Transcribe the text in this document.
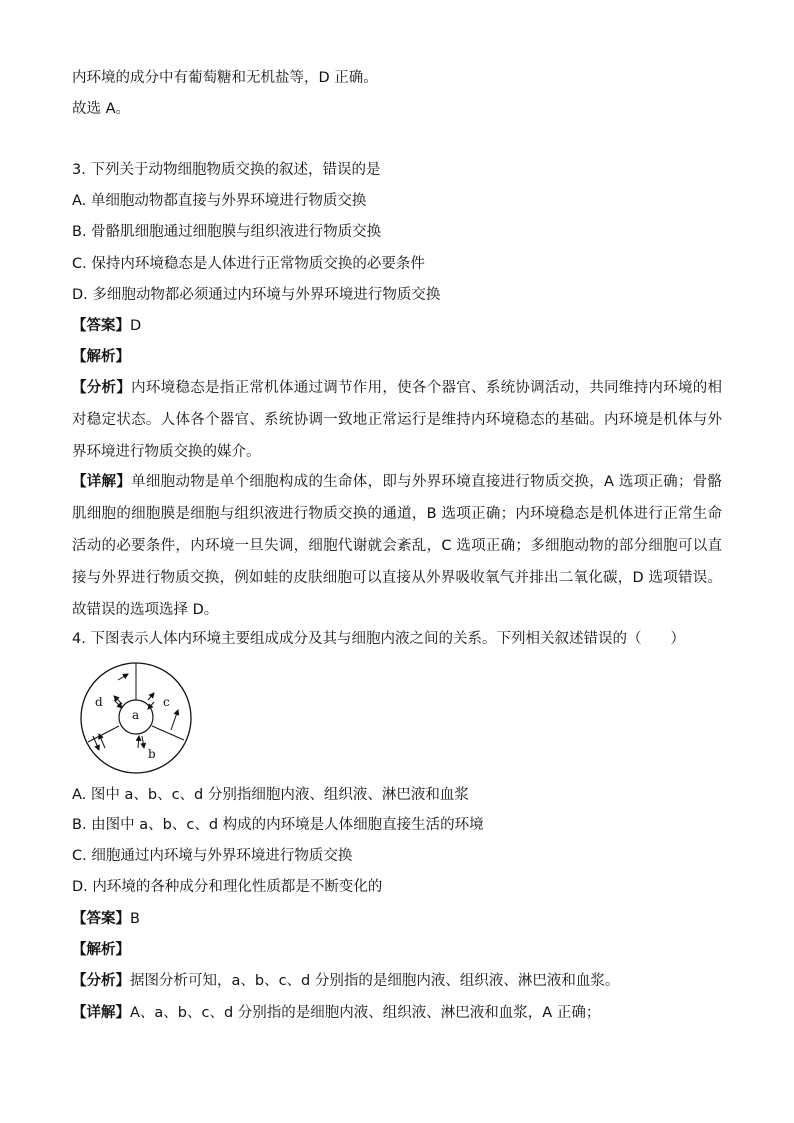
内环境的成分中有葡萄糖和无机盐等，D 正确。
故选 A。
3. 下列关于动物细胞物质交换的叙述，错误的是
A. 单细胞动物都直接与外界环境进行物质交换
B. 骨骼肌细胞通过细胞膜与组织液进行物质交换
C. 保持内环境稳态是人体进行正常物质交换的必要条件
D. 多细胞动物都必须通过内环境与外界环境进行物质交换
【答案】D
【解析】
【分析】内环境稳态是指正常机体通过调节作用，使各个器官、系统协调活动，共同维持内环境的相对稳定状态。人体各个器官、系统协调一致地正常运行是维持内环境稳态的基础。内环境是机体与外界环境进行物质交换的媒介。
【详解】单细胞动物是单个细胞构成的生命体，即与外界环境直接进行物质交换，A 选项正确；骨骼肌细胞的细胞膜是细胞与组织液进行物质交换的通道，B 选项正确；内环境稳态是机体进行正常生命活动的必要条件，内环境一旦失调，细胞代谢就会紊乱，C 选项正确；多细胞动物的部分细胞可以直接与外界进行物质交换，例如蛙的皮肤细胞可以直接从外界吸收氧气并排出二氧化碳，D 选项错误。故错误的选项选择 D。
4. 下图表示人体内环境主要组成成分及其与细胞内液之间的关系。下列相关叙述错误的（　　）
d
a
c
b
A. 图中 a、b、c、d 分别指细胞内液、组织液、淋巴液和血浆
B. 由图中 a、b、c、d 构成的内环境是人体细胞直接生活的环境
C. 细胞通过内环境与外界环境进行物质交换
D. 内环境的各种成分和理化性质都是不断变化的
【答案】B
【解析】
【分析】据图分析可知，a、b、c、d 分别指的是细胞内液、组织液、淋巴液和血浆。
【详解】A、a、b、c、d 分别指的是细胞内液、组织液、淋巴液和血浆，A 正确；
